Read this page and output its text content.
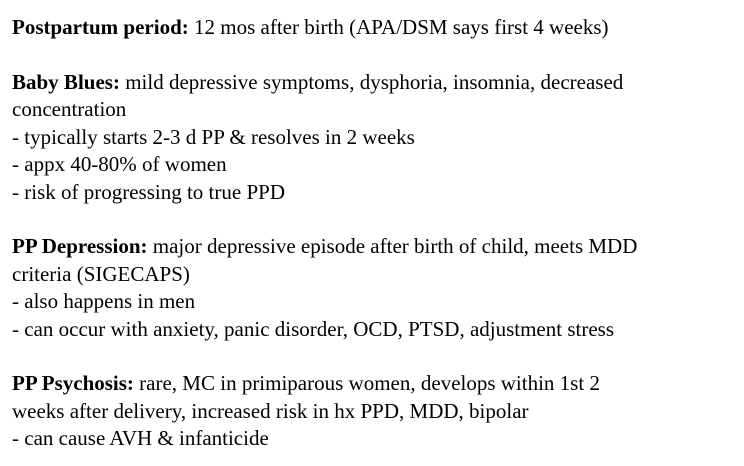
Postpartum period: 12 mos after birth (APA/DSM says first 4 weeks)
Baby Blues: mild depressive symptoms, dysphoria, insomnia, decreased
concentration
- typically starts 2-3 d PP & resolves in 2 weeks
- appx 40-80% of women
- risk of progressing to true PPD
PP Depression: major depressive episode after birth of child, meets MDD
criteria (SIGECAPS)
- also happens in men
- can occur with anxiety, panic disorder, OCD, PTSD, adjustment stress
PP Psychosis: rare, MC in primiparous women, develops within 1st 2
weeks after delivery, increased risk in hx PPD, MDD, bipolar
- can cause AVH & infanticide
